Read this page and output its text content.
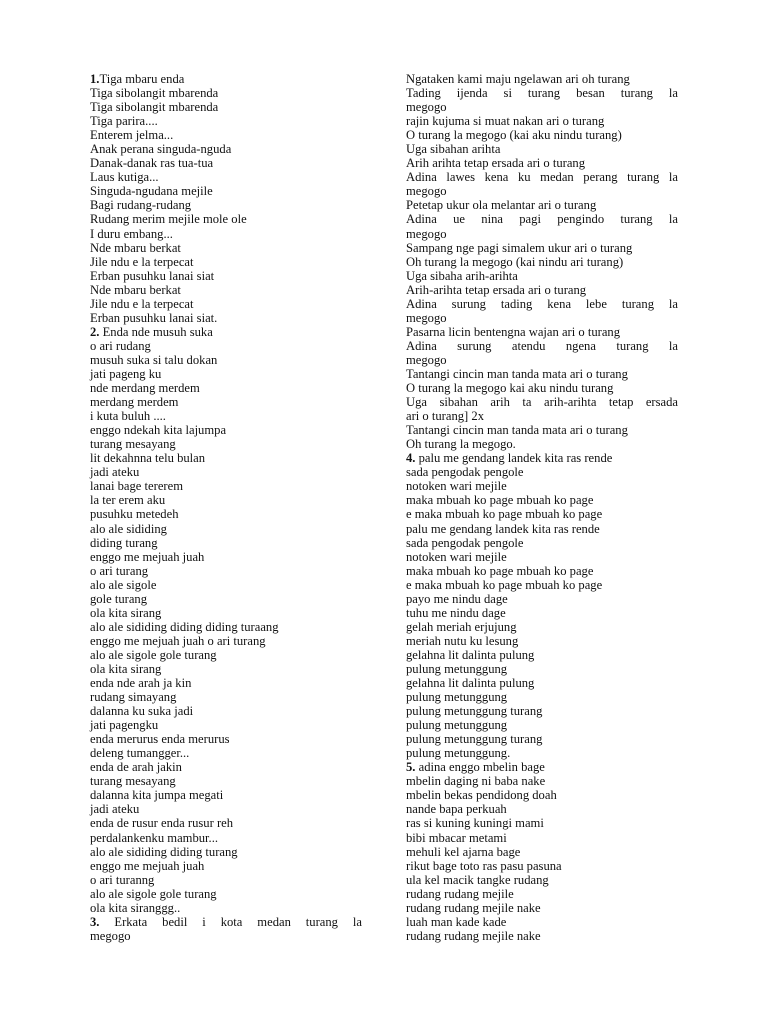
1.Tiga mbaru enda
Tiga sibolangit mbarenda
Tiga sibolangit mbarenda
Tiga parira....
Enterem jelma...
Anak perana singuda-nguda
Danak-danak ras tua-tua
Laus kutiga...
Singuda-ngudana mejile
Bagi rudang-rudang
Rudang merim mejile mole ole
I duru embang...
Nde mbaru berkat
Jile ndu e la terpecat
Erban pusuhku lanai siat
Nde mbaru berkat
Jile ndu e la terpecat
Erban pusuhku lanai siat.
2. Enda nde musuh suka
o ari rudang
musuh suka si talu dokan
jati pageng ku
nde merdang merdem
merdang merdem
i kuta buluh ....
enggo ndekah kita lajumpa
turang mesayang
lit dekahnna telu bulan
jadi ateku
lanai bage tererem
la ter erem aku
pusuhku metedeh
alo ale sididing
diding turang
enggo me mejuah juah
o ari turang
alo ale sigole
gole turang
ola kita sirang
alo ale sididing diding diding turaang
enggo me mejuah juah o ari turang
alo ale sigole gole turang
ola kita sirang
enda nde arah ja kin
rudang simayang
dalanna ku suka jadi
jati pagengku
enda merurus enda merurus
deleng tumangger...
enda de arah jakin
turang mesayang
dalanna kita jumpa megati
jadi ateku
enda de rusur enda rusur reh
perdalankenku mambur...
alo ale sididing diding turang
enggo me mejuah juah
o ari turanng
alo ale sigole gole turang
ola kita siranggg..
3. Erkata bedil i kota medan turang la
megogo
Ngataken kami maju ngelawan ari oh turang
Tading ijenda si turang besan turang la
megogo
rajin kujuma si muat nakan ari o turang
O turang la megogo (kai aku nindu turang)
Uga sibahan arihta
Arih arihta tetap ersada ari o turang
Adina lawes kena ku medan perang turang la
megogo
Petetap ukur ola melantar ari o turang
Adina ue nina pagi pengindo turang la
megogo
Sampang nge pagi simalem ukur ari o turang
Oh turang la megogo (kai nindu ari turang)
Uga sibaha arih-arihta
Arih-arihta tetap ersada ari o turang
Adina surung tading kena lebe turang la
megogo
Pasarna licin bentengna wajan ari o turang
Adina surung atendu ngena turang la
megogo
Tantangi cincin man tanda mata ari o turang
O turang la megogo kai aku nindu turang
Uga sibahan arih ta arih-arihta tetap ersada
ari o turang] 2x
Tantangi cincin man tanda mata ari o turang
Oh turang la megogo.
4. palu me gendang landek kita ras rende
sada pengodak pengole
notoken wari mejile
maka mbuah ko page mbuah ko page
e maka mbuah ko page mbuah ko page
palu me gendang landek kita ras rende
sada pengodak pengole
notoken wari mejile
maka mbuah ko page mbuah ko page
e maka mbuah ko page mbuah ko page
payo me nindu dage
tuhu me nindu dage
gelah meriah erjujung
meriah nutu ku lesung
gelahna lit dalinta pulung
pulung metunggung
gelahna lit dalinta pulung
pulung metunggung
pulung metunggung turang
pulung metunggung
pulung metunggung turang
pulung metunggung.
5. adina enggo mbelin bage
mbelin daging ni baba nake
mbelin bekas pendidong doah
nande bapa perkuah
ras si kuning kuningi mami
bibi mbacar metami
mehuli kel ajarna bage
rikut bage toto ras pasu pasuna
ula kel macik tangke rudang
rudang rudang mejile
rudang rudang mejile nake
luah man kade kade
rudang rudang mejile nake
